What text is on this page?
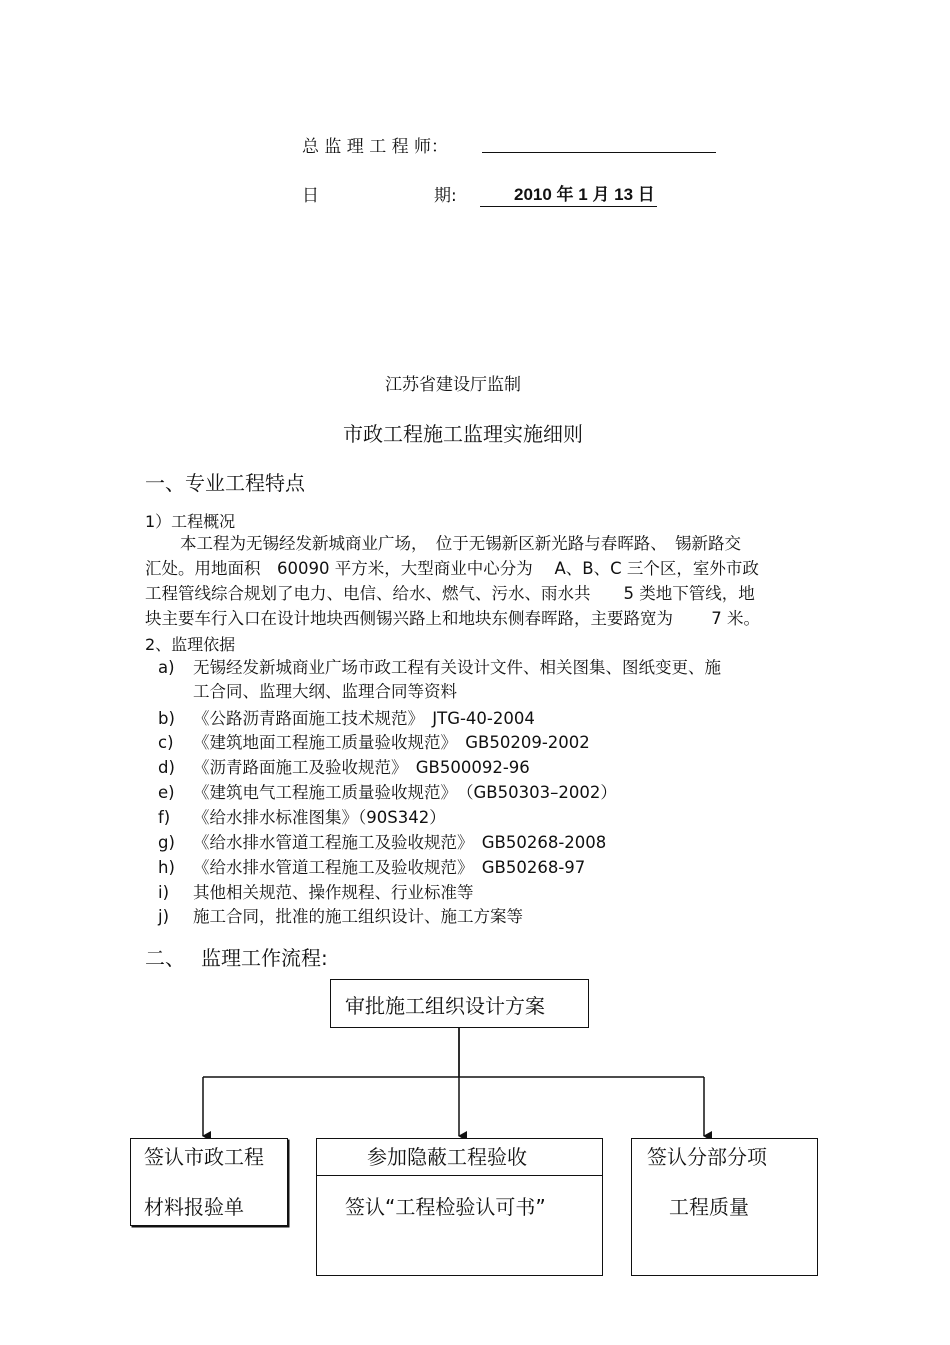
总 监 理 工 程 师：
日	期:	2010 年 1 月 13 日
江苏省建设厅监制
市政工程施工监理实施细则
一、专业工程特点
1）工程概况
本工程为无锡经发新城商业广场，　位于无锡新区新光路与春晖路、　锡新路交
汇处。用地面积　60090 平方米，大型商业中心分为　 A、B、C 三个区，室外市政
工程管线综合规划了电力、电信、给水、燃气、污水、雨水共　　5 类地下管线，地
块主要车行入口在设计地块西侧锡兴路上和地块东侧春晖路，主要路宽为　　 7 米。
2、监理依据
a) 无锡经发新城商业广场市政工程有关设计文件、相关图集、图纸变更、施
工合同、监理大纲、监理合同等资料
b) 《公路沥青路面施工技术规范》　JTG-40-2004
c) 《建筑地面工程施工质量验收规范》　GB50209-2002
d) 《沥青路面施工及验收规范》　GB500092-96
e) 《建筑电气工程施工质量验收规范》　（GB50303–2002）
f) 《给水排水标准图集》（90S342）
g) 《给水排水管道工程施工及验收规范》　GB50268-2008
h) 《给水排水管道工程施工及验收规范》　GB50268-97
i) 其他相关规范、操作规程、行业标准等
j) 施工合同，批准的施工组织设计、施工方案等
二、 监理工作流程:
审批施工组织设计方案
签认市政工程
材料报验单
参加隐蔽工程验收
签认“工程检验认可书”
签认分部分项
工程质量
